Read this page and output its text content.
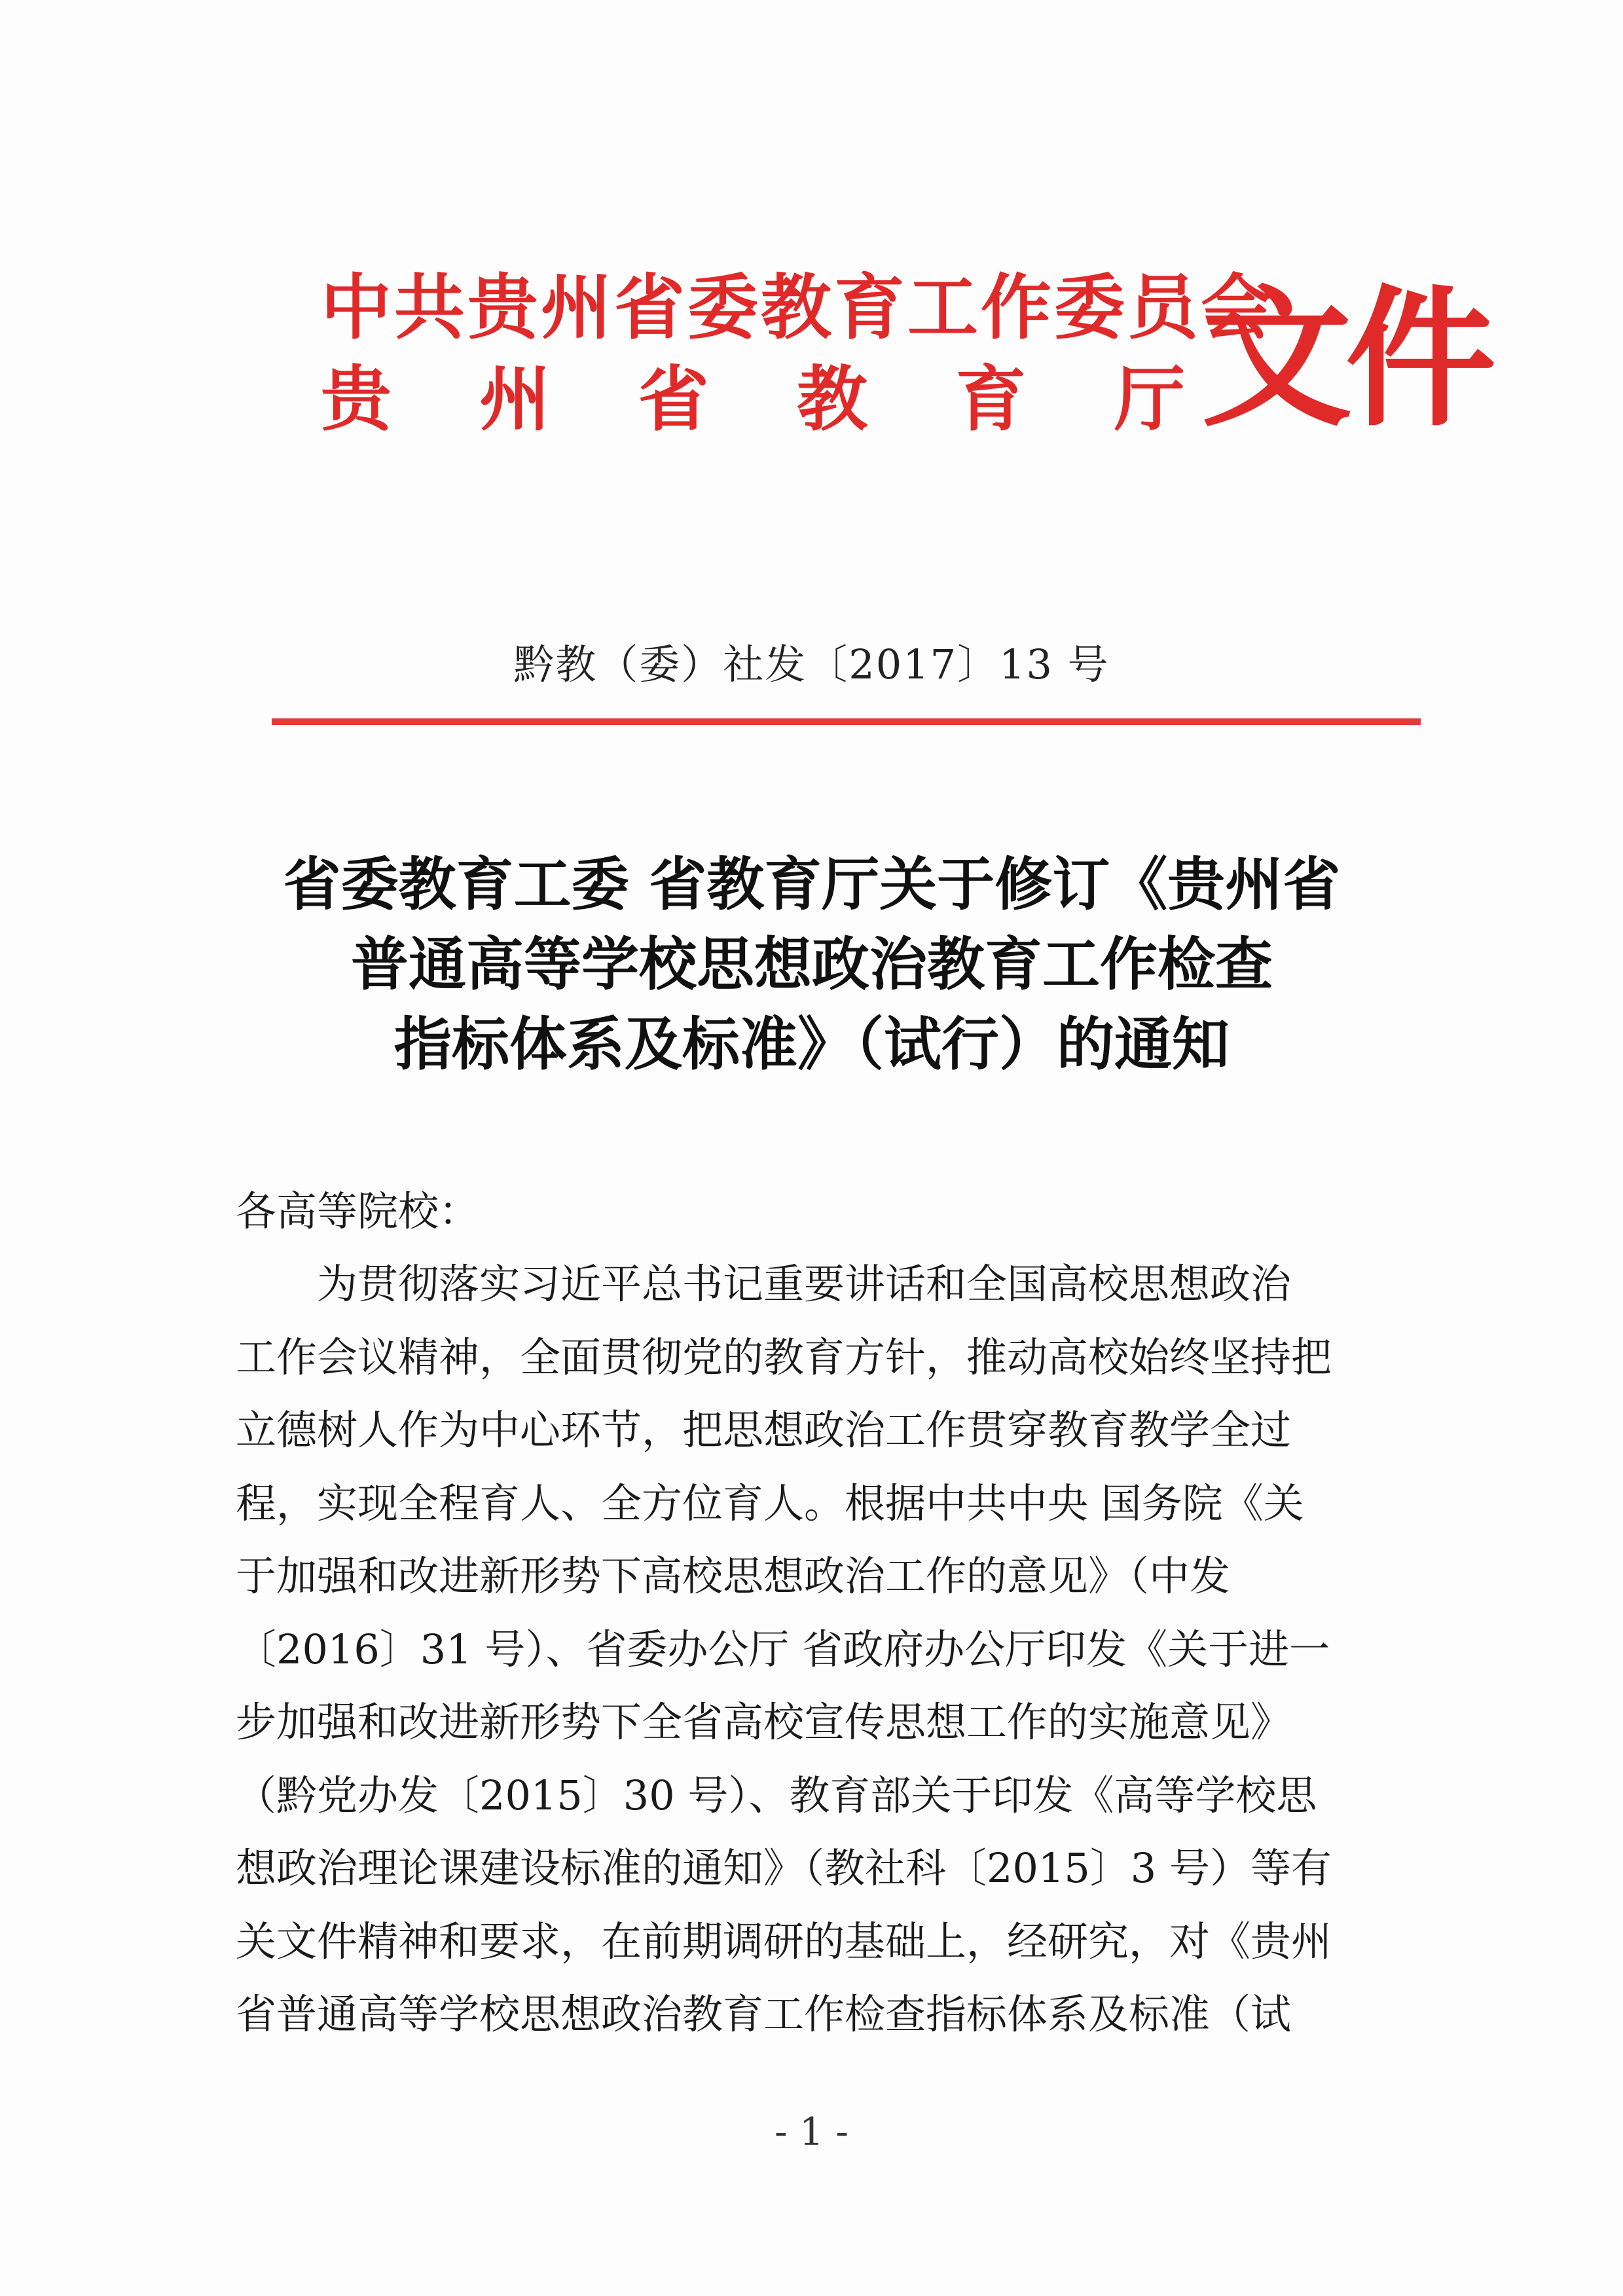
中共贵州省委教育工作委员会
贵 州 省 教 育 厅 文件
黔教（委）社发〔2017〕13 号
省委教育工委 省教育厅关于修订《贵州省
普通高等学校思想政治教育工作检查
指标体系及标准》（试行）的通知
各高等院校：
为贯彻落实习近平总书记重要讲话和全国高校思想政治
工作会议精神，全面贯彻党的教育方针，推动高校始终坚持把
立德树人作为中心环节，把思想政治工作贯穿教育教学全过
程，实现全程育人、全方位育人。根据中共中央 国务院《关
于加强和改进新形势下高校思想政治工作的意见》（中发
〔2016〕31 号）、省委办公厅 省政府办公厅印发《关于进一
步加强和改进新形势下全省高校宣传思想工作的实施意见》
（黔党办发〔2015〕30 号）、教育部关于印发《高等学校思
想政治理论课建设标准的通知》（教社科〔2015〕3 号）等有
关文件精神和要求，在前期调研的基础上，经研究，对《贵州
省普通高等学校思想政治教育工作检查指标体系及标准（试
- 1 -
